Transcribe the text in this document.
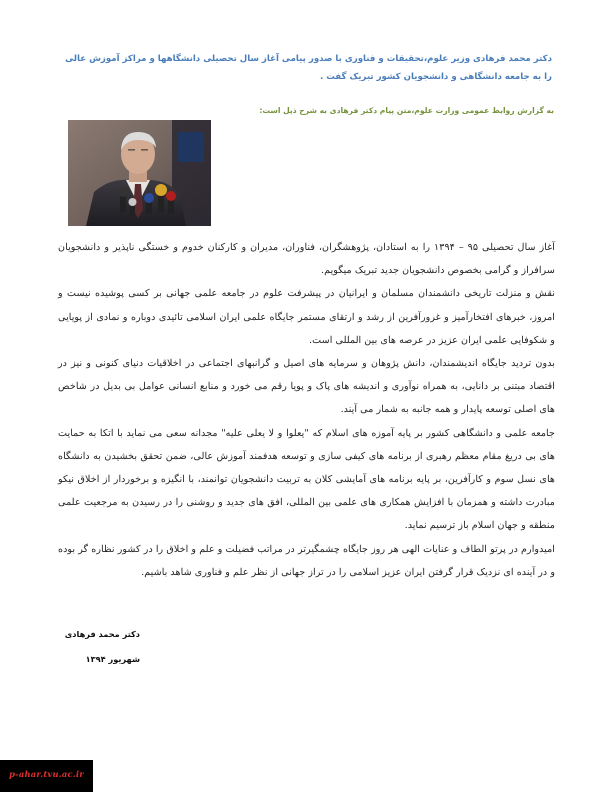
دکتر محمد فرهادی وزیر علوم،تحقیقات و فناوری با صدور پیامی آغاز سال تحصیلی دانشگاهها و مراکز آموزش عالی را به جامعه دانشگاهی و دانشجویان کشور تبریک گفت .
به گزارش روابط عمومی وزارت علوم،متن پیام دکتر فرهادی به شرح ذیل است:

آغاز سال تحصیلی ۹۵ – ۱۳۹۴ را به استادان، پژوهشگران، فناوران، مدیران و کارکنان خدوم و خستگی ناپذیر و دانشجویان سرافراز و گرامی بخصوص دانشجویان جدید تبریک میگویم.

نقش و منزلت تاریخی دانشمندان مسلمان و ایرانیان در پیشرفت علوم در جامعه علمی جهانی بر کسی پوشیده نیست و امروز، خبرهای افتخارآمیز و غرورآفرین از رشد و ارتقای مستمر جایگاه علمی ایران اسلامی تائیدی دوباره و نمادی از پویایی و شکوفایی علمی ایران عزیز در عرصه های بین المللی است.

بدون تردید جایگاه اندیشمندان، دانش پژوهان و سرمایه های اصیل و گرانبهای اجتماعی در اخلاقیات دنیای کنونی و نیز در اقتصاد مبتنی بر دانایی، به همراه نوآوری و اندیشه های پاک و پویا رقم می خورد و منابع انسانی عوامل بی بدیل در شاخص های اصلی توسعه پایدار و همه جانبه به شمار می آیند.

جامعه علمی و دانشگاهی کشور بر پایه آموزه های اسلام که "یعلوا و لا یعلی علیه" مجدانه سعی می نماید با اتکا به حمایت های بی دریغ مقام معظم رهبری از برنامه های کیفی سازی و توسعه هدفمند آموزش عالی، ضمن تحقق بخشیدن به دانشگاه های نسل سوم و کارآفرین، بر پایه برنامه های آمایشی کلان به تربیت دانشجویان توانمند، با انگیزه و برخوردار از اخلاق نیکو مبادرت داشته و همزمان با افزایش همکاری های علمی بین المللی، افق های جدید و روشنی را در رسیدن به مرجعیت علمی منطقه و جهان اسلام باز ترسیم نماید.

امیدوارم در پرتو الطاف و عنایات الهی هر روز جایگاه چشمگیرتر در مراتب فضیلت و علم و اخلاق را در کشور نظاره گر بوده و در آینده ای نزدیک قرار گرفتن ایران عزیز اسلامی را در تراز جهانی از نظر علم و فناوری شاهد باشیم.

دکتر محمد فرهادی
شهریور ۱۳۹۴
p-ahar.tvu.ac.ir
